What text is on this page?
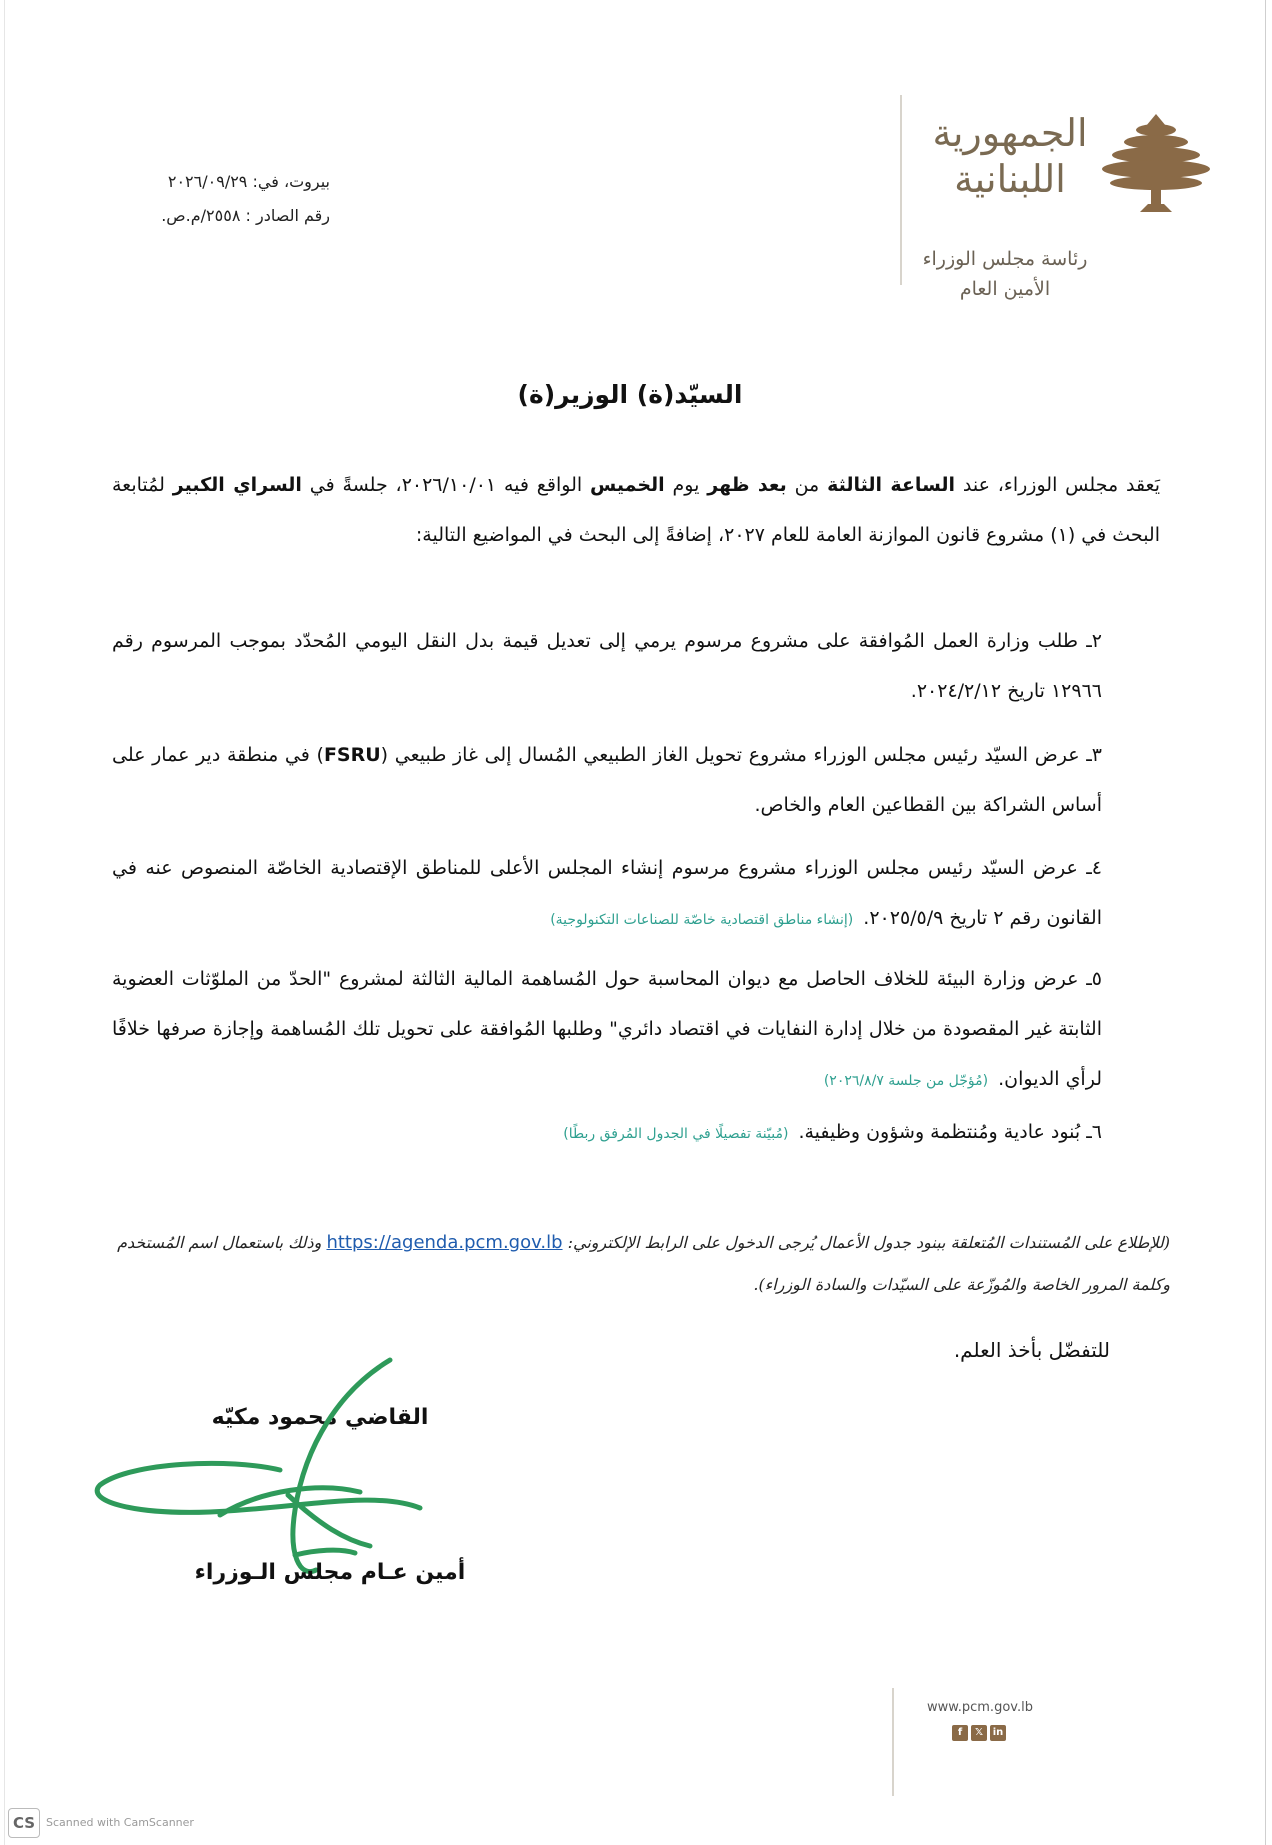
الجمهورية اللبنانية
رئاسة مجلس الوزراء
الأمين العام
بيروت، في: ٢٠٢٦/٠٩/٢٩
رقم الصادر : ٢٥٥٨/م.ص.
السيّد(ة) الوزير(ة)
يَعقد مجلس الوزراء، عند الساعة الثالثة من بعد ظهر يوم الخميس الواقع فيه ٢٠٢٦/١٠/٠١، جلسةً في السراي الكبير لمُتابعة البحث في (١) مشروع قانون الموازنة العامة للعام ٢٠٢٧، إضافةً إلى البحث في المواضيع التالية:
٢ـ طلب وزارة العمل المُوافقة على مشروع مرسوم يرمي إلى تعديل قيمة بدل النقل اليومي المُحدّد بموجب المرسوم رقم ١٢٩٦٦ تاريخ ٢٠٢٤/٢/١٢.
٣ـ عرض السيّد رئيس مجلس الوزراء مشروع تحويل الغاز الطبيعي المُسال إلى غاز طبيعي (FSRU) في منطقة دير عمار على أساس الشراكة بين القطاعين العام والخاص.
٤ـ عرض السيّد رئيس مجلس الوزراء مشروع مرسوم إنشاء المجلس الأعلى للمناطق الإقتصادية الخاصّة المنصوص عنه في القانون رقم ٢ تاريخ ٢٠٢٥/٥/٩.(إنشاء مناطق اقتصادية خاصّة للصناعات التكنولوجية)
٥ـ عرض وزارة البيئة للخلاف الحاصل مع ديوان المحاسبة حول المُساهمة المالية الثالثة لمشروع "الحدّ من الملوّثات العضوية الثابتة غير المقصودة من خلال إدارة النفايات في اقتصاد دائري" وطلبها المُوافقة على تحويل تلك المُساهمة وإجازة صرفها خلافًا لرأي الديوان.(مُؤجّل من جلسة ٢٠٢٦/٨/٧)
٦ـ بُنود عادية ومُنتظمة وشؤون وظيفية.(مُبيّنة تفصيلًا في الجدول المُرفق ربطًا)
(للإطلاع على المُستندات المُتعلقة ببنود جدول الأعمال يُرجى الدخول على الرابط الإلكتروني: https://agenda.pcm.gov.lb وذلك باستعمال اسم المُستخدم وكلمة المرور الخاصة والمُوزّعة على السيّدات والسادة الوزراء).
للتفضّل بأخذ العلم.
القاضي محمود مكيّه
أمين عـام مجلس الـوزراء
www.pcm.gov.lb
f	𝕏 in
CS Scanned with CamScanner
